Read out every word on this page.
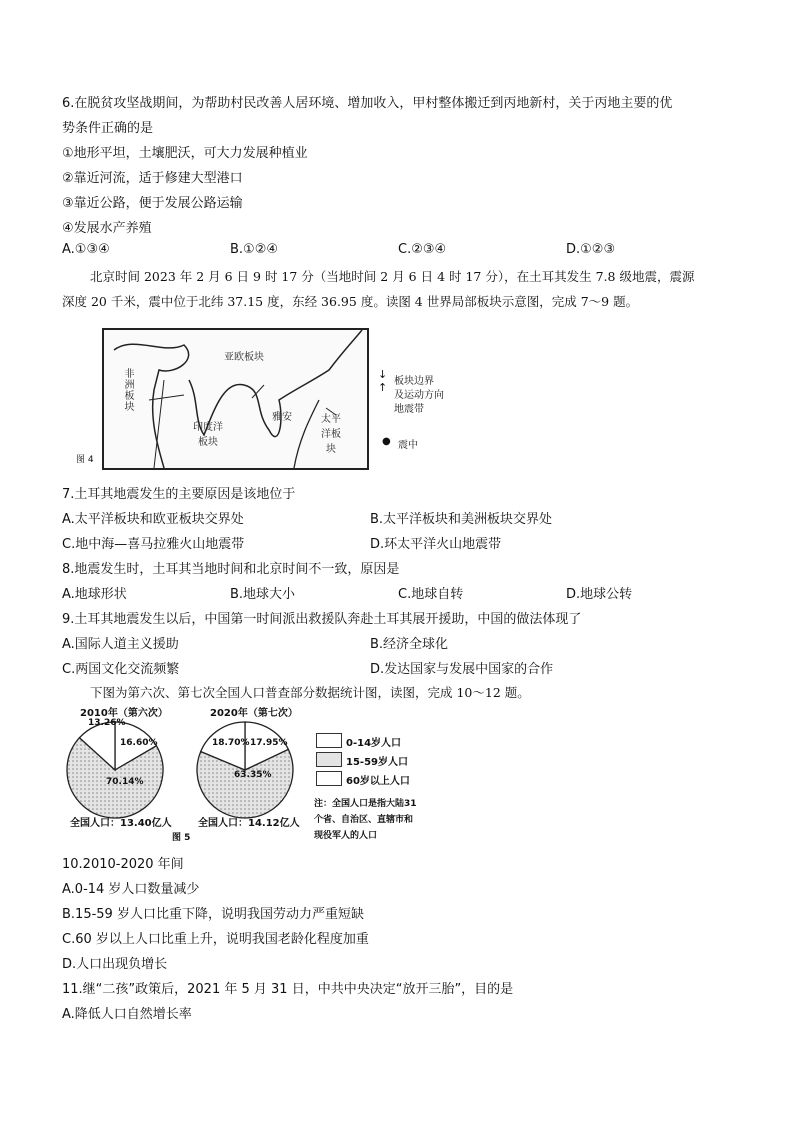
6.在脱贫攻坚战期间，为帮助村民改善人居环境、增加收入，甲村整体搬迁到丙地新村，关于丙地主要的优
势条件正确的是
①地形平坦，土壤肥沃，可大力发展种植业
②靠近河流，适于修建大型港口
③靠近公路，便于发展公路运输
④发展水产养殖
A.①③④	B.①②④	C.②③④	D.①②③
北京时间 2023 年 2 月 6 日 9 时 17 分（当地时间 2 月 6 日 4 时 17 分），在土耳其发生 7.8 级地震，震源
深度 20 千米，震中位于北纬 37.15 度，东经 36.95 度。读图 4 世界局部板块示意图，完成 7～9 题。
亚欧板块
非洲板块
印度洋板块
太平洋板块
雅安
图 4
↓
↑ 板块边界
及运动方向
地震带
● 震中
7.土耳其地震发生的主要原因是该地位于
A.太平洋板块和欧亚板块交界处	B.太平洋板块和美洲板块交界处
C.地中海—喜马拉雅火山地震带	D.环太平洋火山地震带
8.地震发生时，土耳其当地时间和北京时间不一致，原因是
A.地球形状	B.地球大小	C.地球自转	D.地球公转
9.土耳其地震发生以后，中国第一时间派出救援队奔赴土耳其展开援助，中国的做法体现了
A.国际人道主义援助	B.经济全球化
C.两国文化交流频繁	D.发达国家与发展中国家的合作
下图为第六次、第七次全国人口普查部分数据统计图，读图，完成 10～12 题。
2010年（第六次）	2020年（第七次）
13.26%
16.60%
70.14%
18.70% 17.95%
63.35%
全国人口：13.40亿人	全国人口：14.12亿人
图 5
0-14岁人口
15-59岁人口
60岁以上人口
注：全国人口是指大陆31
个省、自治区、直辖市和
现役军人的人口
10.2010-2020 年间
A.0-14 岁人口数量减少
B.15-59 岁人口比重下降，说明我国劳动力严重短缺
C.60 岁以上人口比重上升，说明我国老龄化程度加重
D.人口出现负增长
11.继“二孩”政策后，2021 年 5 月 31 日，中共中央决定“放开三胎”，目的是
A.降低人口自然增长率
